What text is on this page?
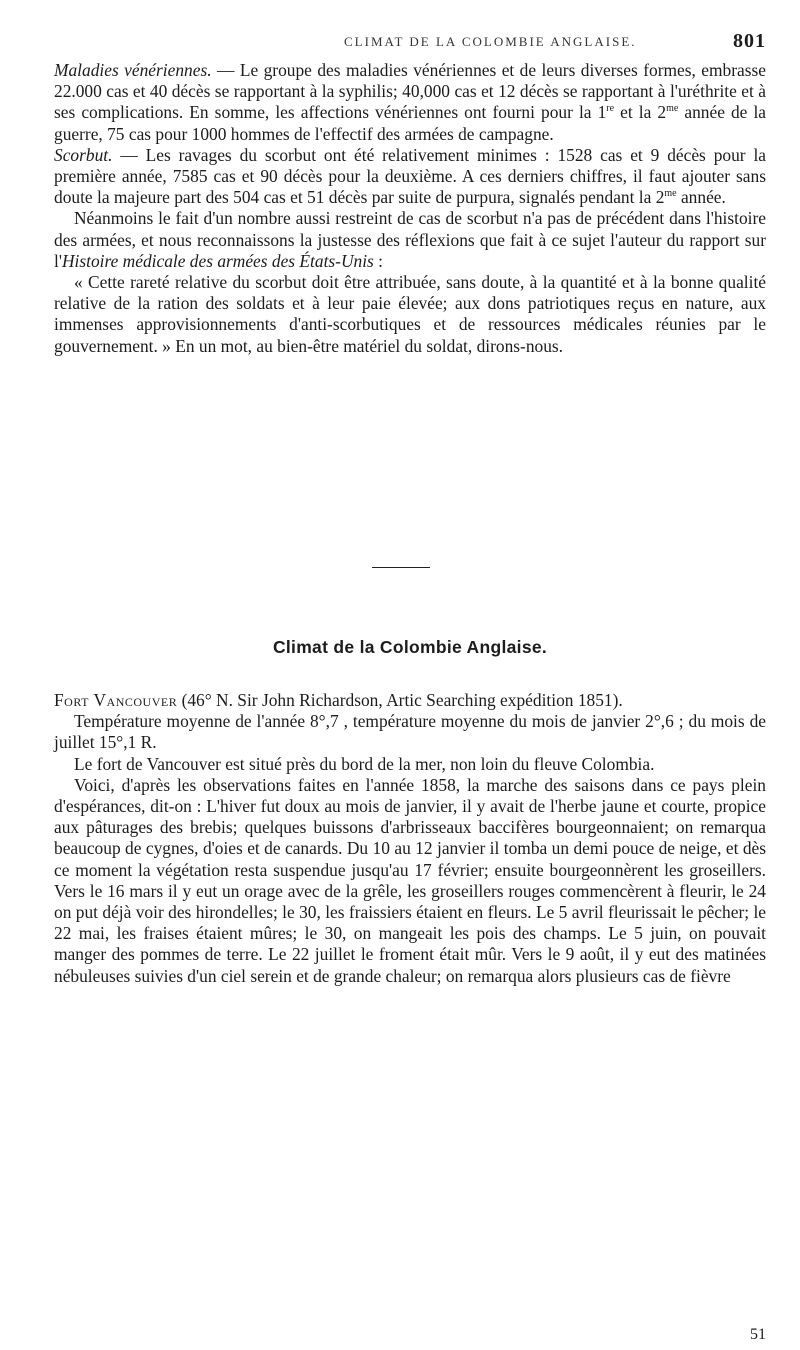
CLIMAT DE LA COLOMBIE ANGLAISE.	801

Maladies vénériennes. — Le groupe des maladies vénériennes et de leurs diverses formes, embrasse 22.000 cas et 40 décès se rapportant à la syphilis; 40,000 cas et 12 décès se rapportant à l'uréthrite et à ses complications. En somme, les affections vénériennes ont fourni pour la 1re et la $2^{me}$ année de la guerre, 75 cas pour 1000 hommes de l'effectif des armées de campagne.

Scorbut. — Les ravages du scorbut ont été relativement minimes : 1528 cas et 9 décès pour la première année, 7585 cas et 90 décès pour la deuxième. A ces derniers chiffres, il faut ajouter sans doute la majeure part des 504 cas et 51 décès par suite de purpura, signalés pendant la $2^{me}$ année.

Néanmoins le fait d'un nombre aussi restreint de cas de scorbut n'a pas de précédent dans l'histoire des armées, et nous reconnaissons la justesse des réflexions que fait à ce sujet l'auteur du rapport sur l'Histoire médicale des armées des États-Unis :

« Cette rareté relative du scorbut doit être attribuée, sans doute, à la quantité et à la bonne qualité relative de la ration des soldats et à leur paie élevée; aux dons patriotiques reçus en nature, aux immenses approvisionnements d'anti-scorbutiques et de ressources médicales réunies par le gouvernement. » En un mot, au bien-être matériel du soldat, dirons-nous.

Climat de la Colombie Anglaise.

Fort Vancouver (46° N. Sir John Richardson, Artic Searching expédition 1851).

Température moyenne de l'année 8°,7 , température moyenne du mois de janvier 2°,6 ; du mois de juillet 15°,1 R.

Le fort de Vancouver est situé près du bord de la mer, non loin du fleuve Colombia.

Voici, d'après les observations faites en l'année 1858, la marche des saisons dans ce pays plein d'espérances, dit-on : L'hiver fut doux au mois de janvier, il y avait de l'herbe jaune et courte, propice aux pâturages des brebis; quelques buissons d'arbrisseaux baccifères bourgeonnaient; on remarqua beaucoup de cygnes, d'oies et de canards. Du 10 au 12 janvier il tomba un demi pouce de neige, et dès ce moment la végétation resta suspendue jusqu'au 17 février; ensuite bourgeonnèrent les groseillers. Vers le 16 mars il y eut un orage avec de la grêle, les groseillers rouges commencèrent à fleurir, le 24 on put déjà voir des hirondelles; le 30, les fraissiers étaient en fleurs. Le 5 avril fleurissait le pêcher; le 22 mai, les fraises étaient mûres; le 30, on mangeait les pois des champs. Le 5 juin, on pouvait manger des pommes de terre. Le 22 juillet le froment était mûr. Vers le 9 août, il y eut des matinées nébuleuses suivies d'un ciel serein et de grande chaleur; on remarqua alors plusieurs cas de fièvre

51
